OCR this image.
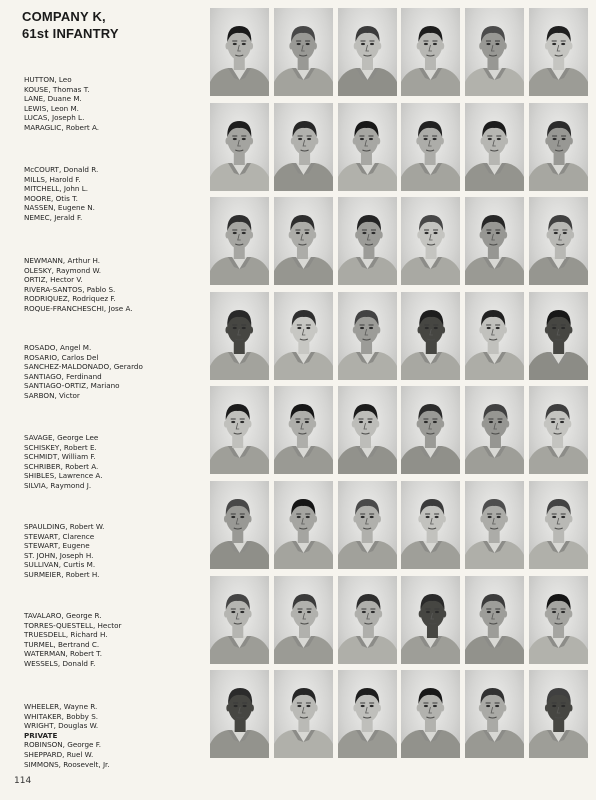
COMPANY K,
61st INFANTRY
HUTTON, Leo
KOUSE, Thomas T.
LANE, Duane M.
LEWIS, Leon M.
LUCAS, Joseph L.
MARAGLIC, Robert A.
McCOURT, Donald R.
MILLS, Harold F.
MITCHELL, John L.
MOORE, Otis T.
NASSEN, Eugene N.
NEMEC, Jerald F.
NEWMANN, Arthur H.
OLESKY, Raymond W.
ORTIZ, Hector V.
RIVERA-SANTOS, Pablo S.
RODRIQUEZ, Rodriquez F.
ROQUE-FRANCHESCHI, Jose A.
ROSADO, Angel M.
ROSARIO, Carlos Del
SANCHEZ-MALDONADO, Gerardo
SANTIAGO, Ferdinand
SANTIAGO-ORTIZ, Mariano
SARBON, Victor
SAVAGE, George Lee
SCHISKEY, Robert E.
SCHMIDT, William F.
SCHRIBER, Robert A.
SHIBLES, Lawrence A.
SILVIA, Raymond J.
SPAULDING, Robert W.
STEWART, Clarence
STEWART, Eugene
ST. JOHN, Joseph H.
SULLIVAN, Curtis M.
SURMEIER, Robert H.
TAVALARO, George R.
TORRES-QUESTELL, Hector
TRUESDELL, Richard H.
TURMEL, Bertrand C.
WATERMAN, Robert T.
WESSELS, Donald F.
WHEELER, Wayne R.
WHITAKER, Bobby S.
WRIGHT, Douglas W.
PRIVATE
ROBINSON, George F.
SHEPPARD, Ruel W.
SIMMONS, Roosevelt, Jr.
114
